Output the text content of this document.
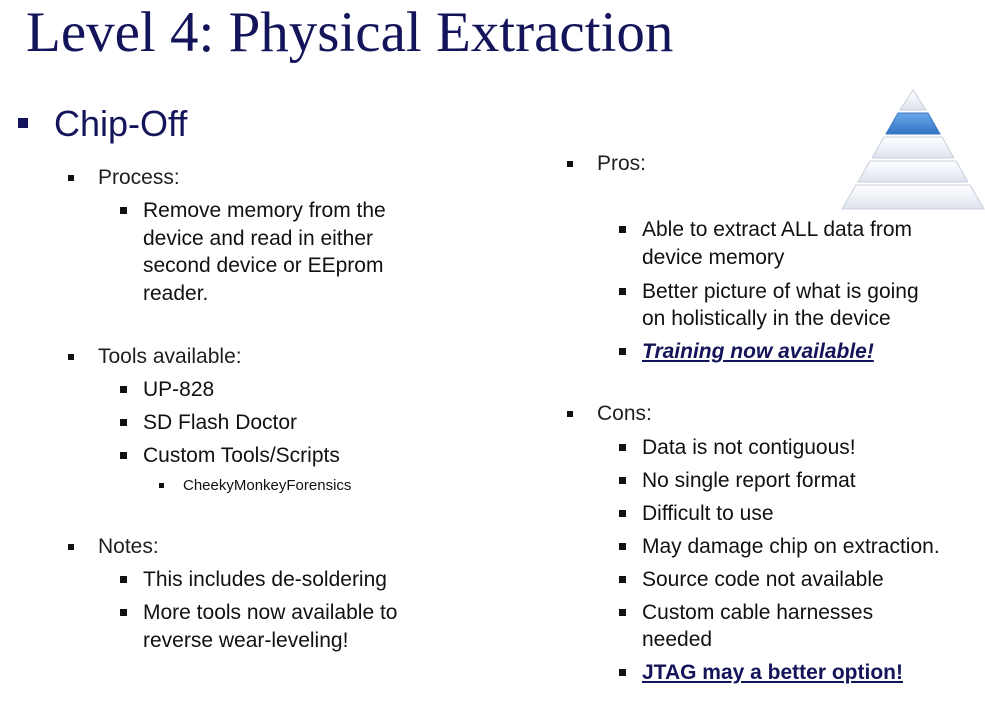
Level 4: Physical Extraction
Chip-Off
Process:
Remove memory from the
device and read in either
second device or EEprom
reader.
Tools available:
UP-828
SD Flash Doctor
Custom Tools/Scripts
CheekyMonkeyForensics
Notes:
This includes de-soldering
More tools now available to
reverse wear-leveling!
Pros:
Able to extract ALL data from
device memory
Better picture of what is going
on holistically in the device
Training now available!
Cons:
Data is not contiguous!
No single report format
Difficult to use
May damage chip on extraction.
Source code not available
Custom cable harnesses
needed
JTAG may a better option!
